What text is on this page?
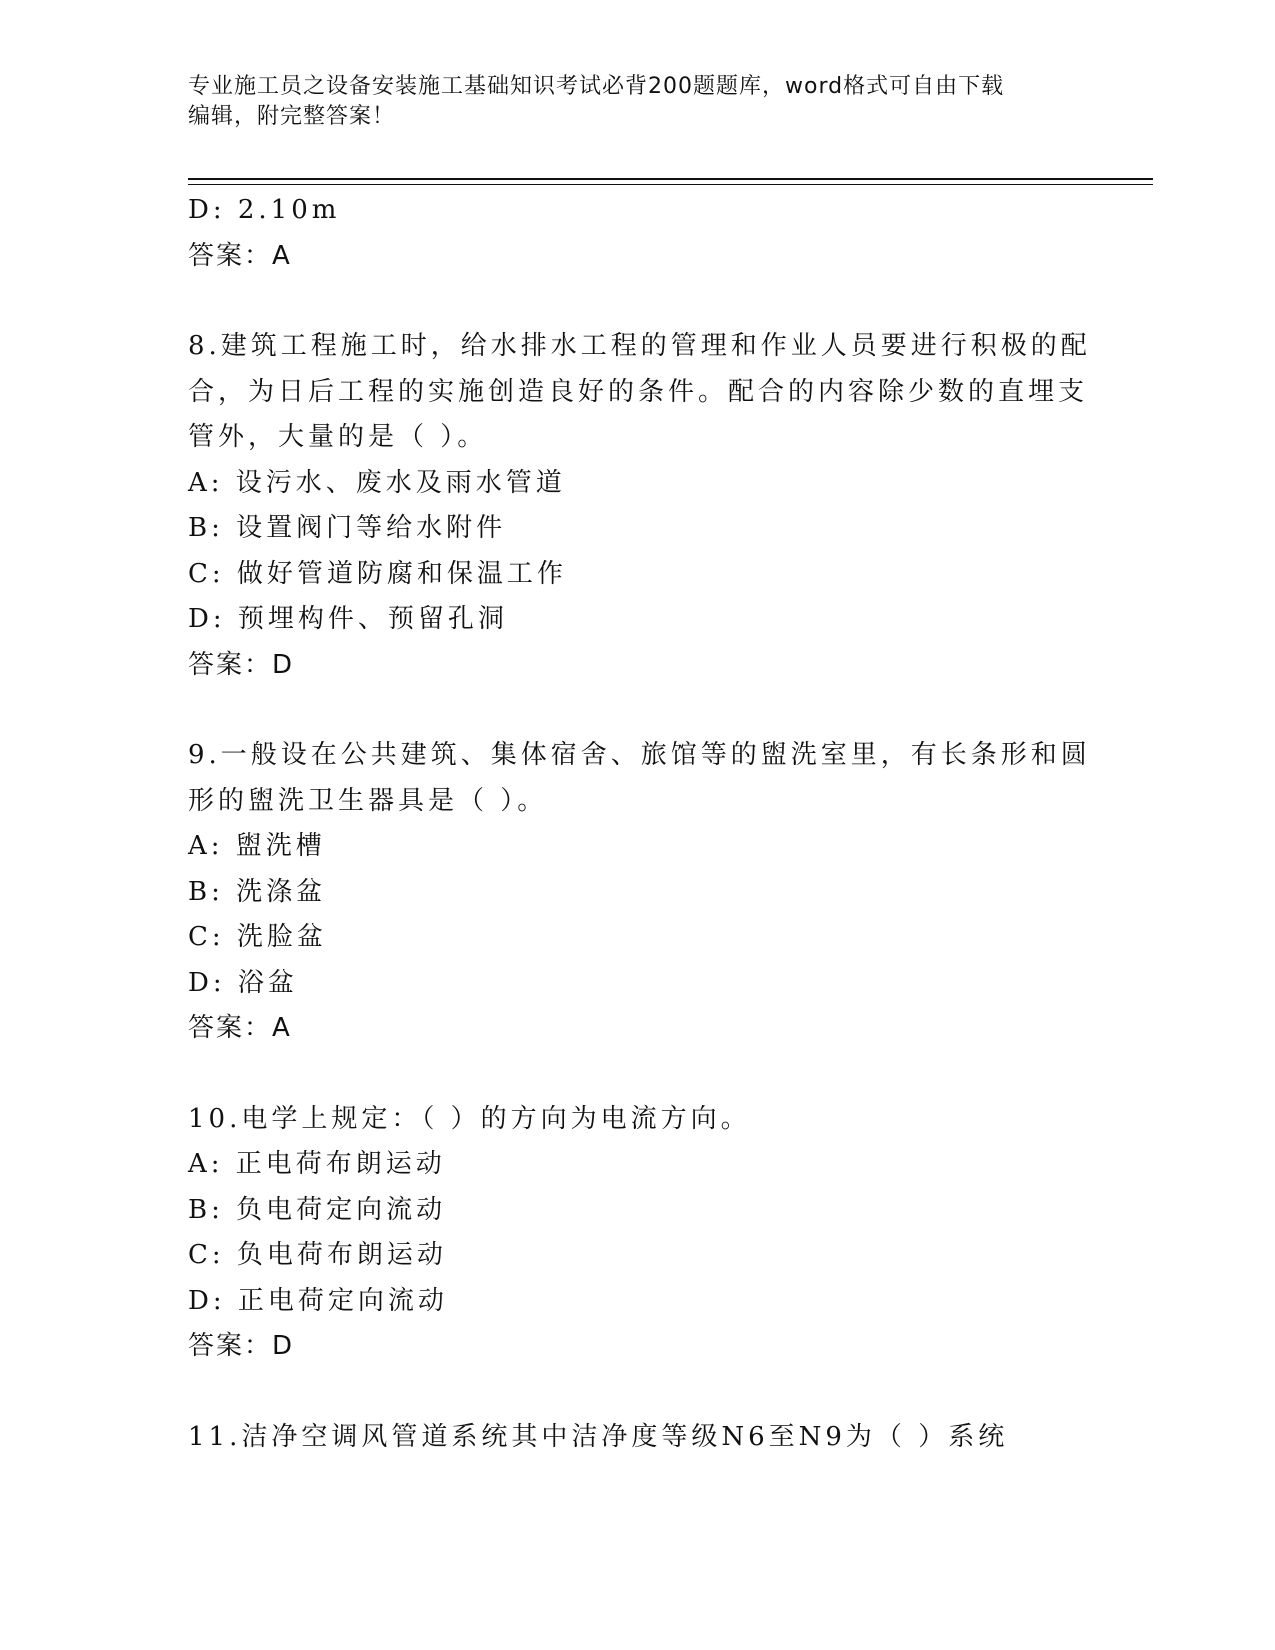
专业施工员之设备安装施工基础知识考试必背200题题库，word格式可自由下载
编辑，附完整答案！
D: 2.10m
答案：A
8.建筑工程施工时，给水排水工程的管理和作业人员要进行积极的配
合，为日后工程的实施创造良好的条件。配合的内容除少数的直埋支
管外，大量的是（ ）。
A: 设污水、废水及雨水管道
B: 设置阀门等给水附件
C: 做好管道防腐和保温工作
D: 预埋构件、预留孔洞
答案：D
9.一般设在公共建筑、集体宿舍、旅馆等的盥洗室里，有长条形和圆
形的盥洗卫生器具是（ ）。
A: 盥洗槽
B: 洗涤盆
C: 洗脸盆
D: 浴盆
答案：A
10.电学上规定：（ ）的方向为电流方向。
A: 正电荷布朗运动
B: 负电荷定向流动
C: 负电荷布朗运动
D: 正电荷定向流动
答案：D
11.洁净空调风管道系统其中洁净度等级N6至N9为（ ）系统
